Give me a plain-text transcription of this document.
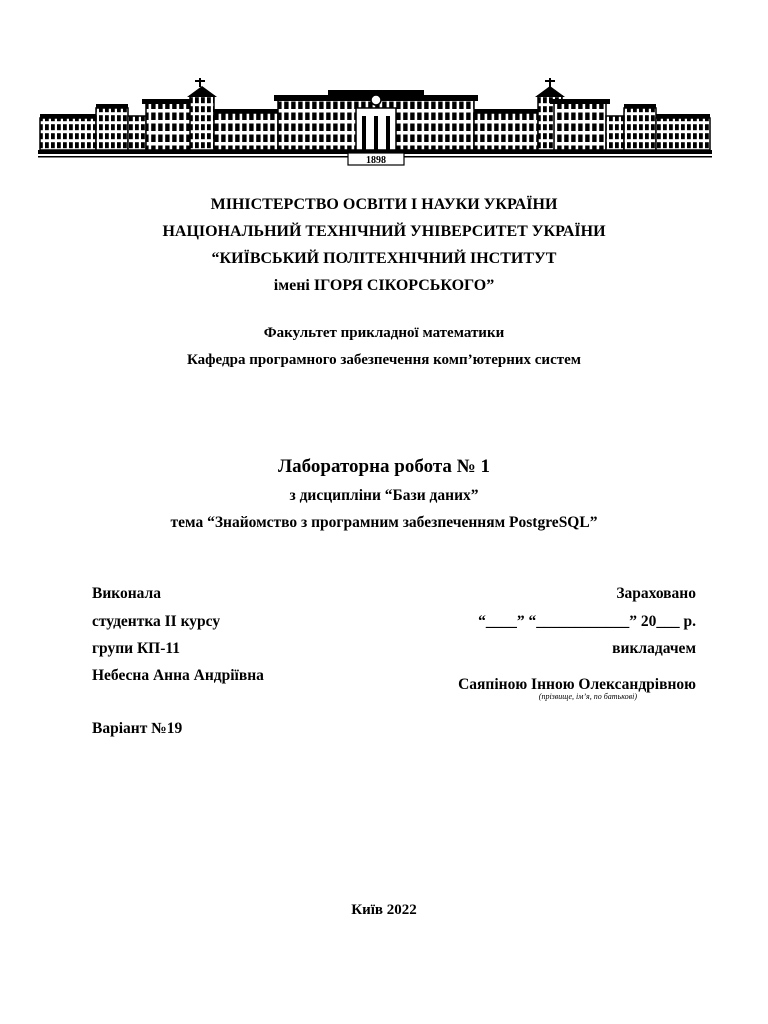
1898
МІНІСТЕРСТВО ОСВІТИ І НАУКИ УКРАЇНИ
НАЦІОНАЛЬНИЙ ТЕХНІЧНИЙ УНІВЕРСИТЕТ УКРАЇНИ
“КИЇВСЬКИЙ ПОЛІТЕХНІЧНИЙ ІНСТИТУТ
імені ІГОРЯ СІКОРСЬКОГО”
Факультет прикладної математики
Кафедра програмного забезпечення комп’ютерних систем
Лабораторна робота № 1
з дисципліни “Бази даних”
тема “Знайомство з програмним забезпеченням PostgreSQL”
Виконала
студентка ІІ курсу
групи КП-11
Небесна Анна Андріївна
Варіант №19
Зараховано
“____” “____________” 20___ р.
викладачем
Саяпіною Інною Олександрівною
(прізвище, ім’я, по батькові)
Київ 2022
